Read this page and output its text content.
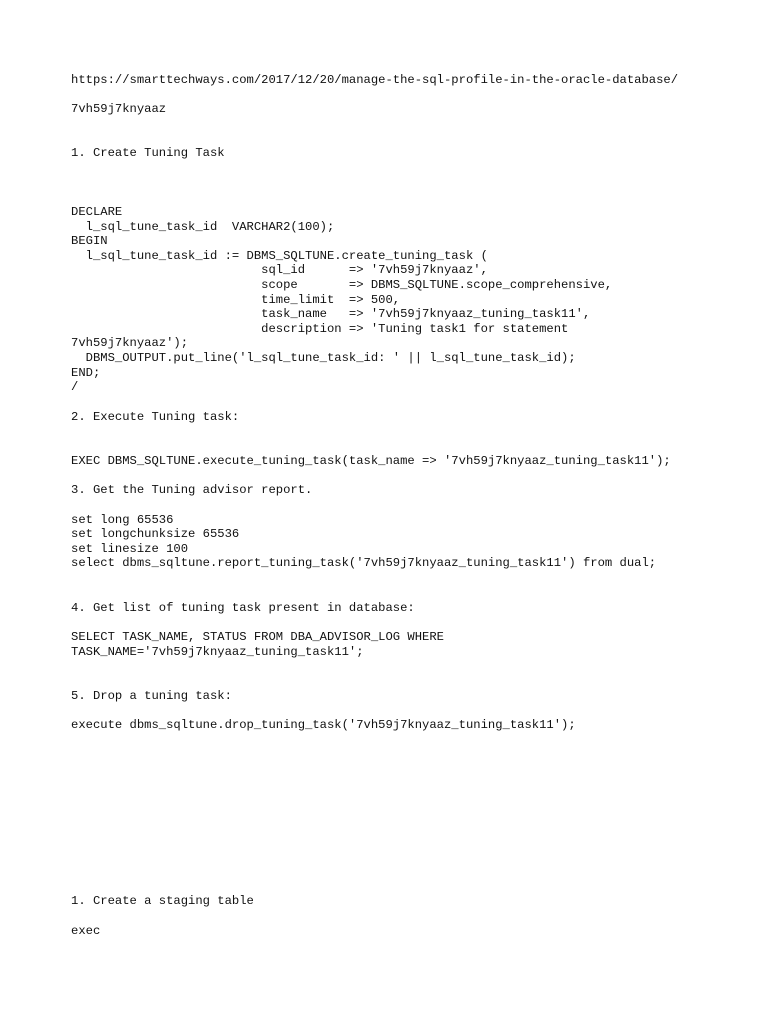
https://smarttechways.com/2017/12/20/manage-the-sql-profile-in-the-oracle-database/

7vh59j7knyaaz

1. Create Tuning Task

DECLARE

l_sql_tune_task_id  VARCHAR2(100);

BEGIN

l_sql_tune_task_id := DBMS_SQLTUNE.create_tuning_task (

sql_id      => '7vh59j7knyaaz',

scope       => DBMS_SQLTUNE.scope_comprehensive,

time_limit  => 500,

task_name   => '7vh59j7knyaaz_tuning_task11',

description => 'Tuning task1 for statement

7vh59j7knyaaz');

DBMS_OUTPUT.put_line('l_sql_tune_task_id: ' || l_sql_tune_task_id);

END;

/

2. Execute Tuning task:

EXEC DBMS_SQLTUNE.execute_tuning_task(task_name => '7vh59j7knyaaz_tuning_task11');

3. Get the Tuning advisor report.

set long 65536

set longchunksize 65536

set linesize 100

select dbms_sqltune.report_tuning_task('7vh59j7knyaaz_tuning_task11') from dual;

4. Get list of tuning task present in database:

SELECT TASK_NAME, STATUS FROM DBA_ADVISOR_LOG WHERE

TASK_NAME='7vh59j7knyaaz_tuning_task11';

5. Drop a tuning task:

execute dbms_sqltune.drop_tuning_task('7vh59j7knyaaz_tuning_task11');

1. Create a staging table

exec
